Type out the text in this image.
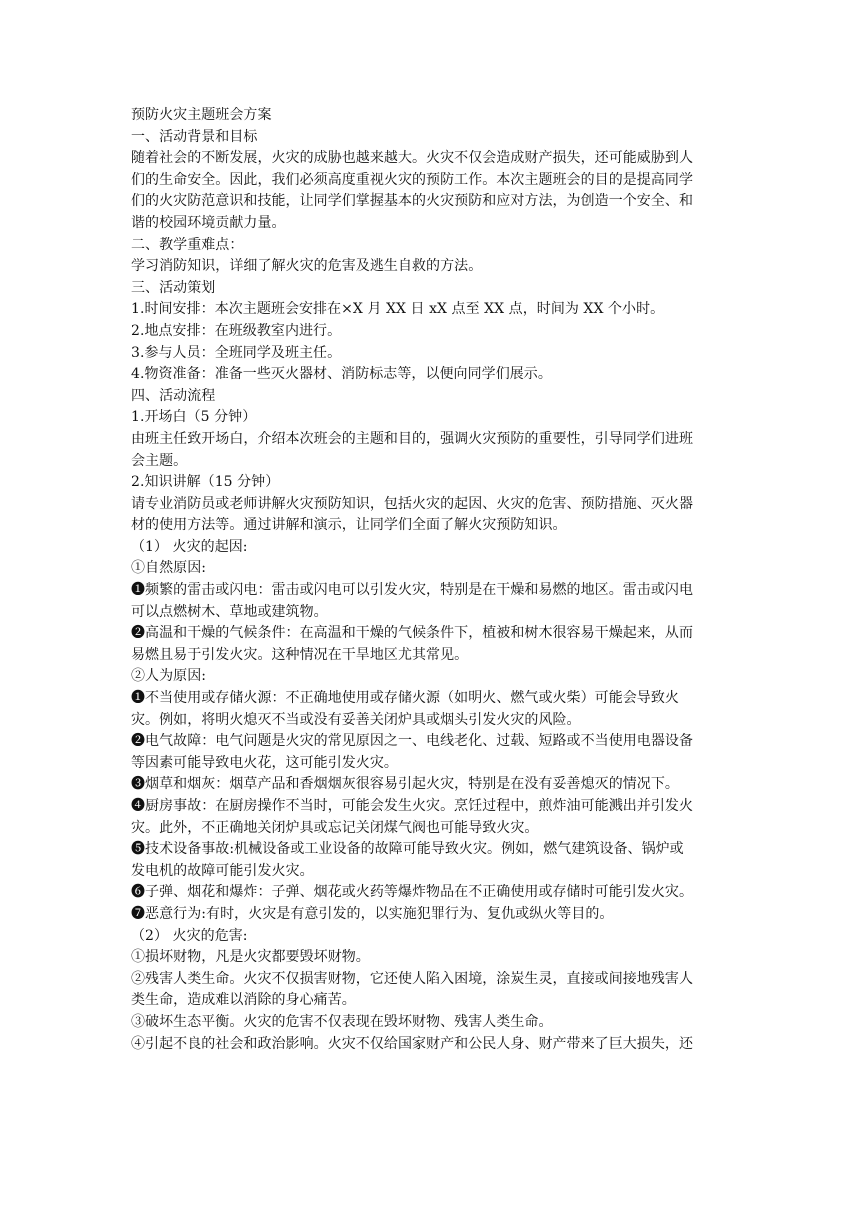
预防火灾主题班会方案
一、活动背景和目标
随着社会的不断发展，火灾的成胁也越来越大。火灾不仅会造成财产损失，还可能威胁到人
们的生命安全。因此，我们必须高度重视火灾的预防工作。本次主题班会的目的是提高同学
们的火灾防范意识和技能，让同学们掌握基本的火灾预防和应对方法，为创造一个安全、和
谐的校园环境贡献力量。
二、教学重难点：
学习消防知识，详细了解火灾的危害及逃生自救的方法。
三、活动策划
1.时间安排：本次主题班会安排在×X 月 XX 日 xX 点至 XX 点，时间为 XX 个小时。
2.地点安排：在班级教室内进行。
3.参与人员：全班同学及班主任。
4.物资准备：准备一些灭火器材、消防标志等，以便向同学们展示。
四、活动流程
1.开场白（5 分钟）
由班主任致开场白，介绍本次班会的主题和目的，强调火灾预防的重要性，引导同学们进班
会主题。
2.知识讲解（15 分钟）
请专业消防员或老师讲解火灾预防知识，包括火灾的起因、火灾的危害、预防措施、灭火器
材的使用方法等。通过讲解和演示，让同学们全面了解火灾预防知识。
（1） 火灾的起因:
①自然原因:
❶频繁的雷击或闪电：雷击或闪电可以引发火灾，特别是在干燥和易燃的地区。雷击或闪电
可以点燃树木、草地或建筑物。
❷高温和干燥的气候条件：在高温和干燥的气候条件下，植被和树木很容易干燥起来，从而
易燃且易于引发火灾。这种情况在干旱地区尤其常见。
②人为原因:
❶不当使用或存储火源：不正确地使用或存储火源（如明火、燃气或火柴）可能会导致火
灾。例如，将明火熄灭不当或没有妥善关闭炉具或烟头引发火灾的风险。
❷电气故障：电气问题是火灾的常见原因之一、电线老化、过载、短路或不当使用电器设备
等因素可能导致电火花，这可能引发火灾。
❸烟草和烟灰：烟草产品和香烟烟灰很容易引起火灾，特别是在没有妥善熄灭的情况下。
❹厨房事故：在厨房操作不当时，可能会发生火灾。烹饪过程中，煎炸油可能溅出并引发火
灾。此外，不正确地关闭炉具或忘记关闭煤气阀也可能导致火灾。
❺技术设备事故:机械设备或工业设备的故障可能导致火灾。例如，燃气建筑设备、锅炉或
发电机的故障可能引发火灾。
❻子弹、烟花和爆炸：子弹、烟花或火药等爆炸物品在不正确使用或存储时可能引发火灾。
❼恶意行为:有时，火灾是有意引发的，以实施犯罪行为、复仇或纵火等目的。
（2） 火灾的危害:
①损坏财物，凡是火灾都要毁坏财物。
②残害人类生命。火灾不仅损害财物，它还使人陷入困境，涂炭生灵，直接或间接地残害人
类生命，造成难以消除的身心痛苦。
③破坏生态平衡。火灾的危害不仅表现在毁坏财物、残害人类生命。
④引起不良的社会和政治影响。火灾不仅给国家财产和公民人身、财产带来了巨大损失，还
